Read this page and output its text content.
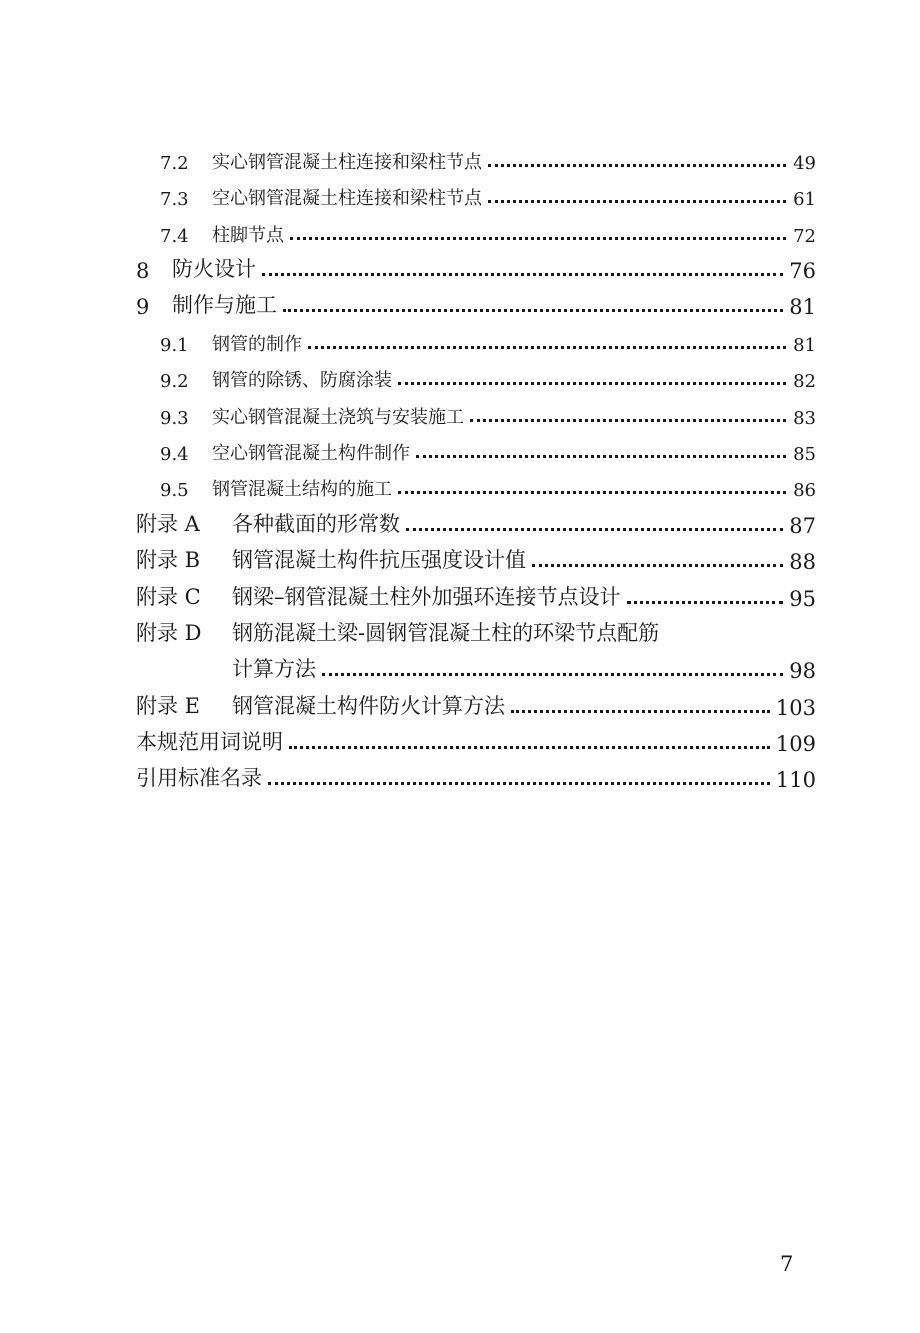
7.2	实心钢管混凝土柱连接和梁柱节点	49
7.3	空心钢管混凝土柱连接和梁柱节点	61
7.4	柱脚节点	72
8	防火设计	76
9	制作与施工	81
9.1	钢管的制作	81
9.2	钢管的除锈、防腐涂装	82
9.3	实心钢管混凝土浇筑与安装施工	83
9.4	空心钢管混凝土构件制作	85
9.5	钢管混凝土结构的施工	86
附录 A	各种截面的形常数	87
附录 B	钢管混凝土构件抗压强度设计值	88
附录 C	钢梁–钢管混凝土柱外加强环连接节点设计	95
附录 D	钢筋混凝土梁-圆钢管混凝土柱的环梁节点配筋
计算方法	98
附录 E	钢管混凝土构件防火计算方法	103
本规范用词说明	109
引用标准名录	110
7
